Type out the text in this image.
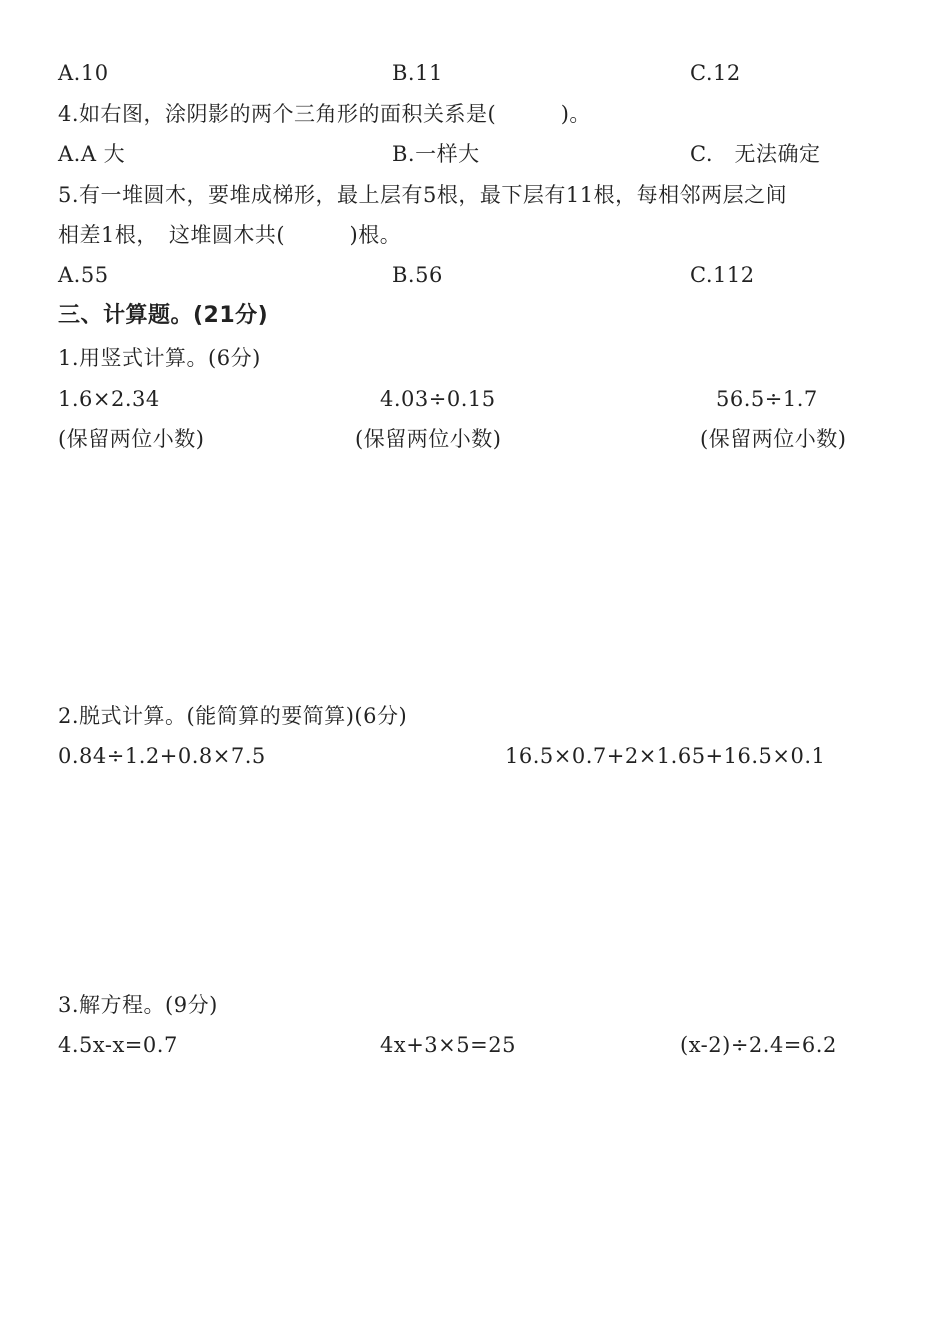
A.10	B.11	C.12
4.如右图，涂阴影的两个三角形的面积关系是(　　　)。
A.A 大	B.一样大	C.　无法确定
5.有一堆圆木，要堆成梯形，最上层有5根，最下层有11根，每相邻两层之间
相差1根，　这堆圆木共(　　　)根。
A.55	B.56	C.112
三、计算题。(21分)
1.用竖式计算。(6分)
1.6×2.34	4.03÷0.15	56.5÷1.7
(保留两位小数)	(保留两位小数)	(保留两位小数)
2.脱式计算。(能简算的要简算)(6分)
0.84÷1.2+0.8×7.5	16.5×0.7+2×1.65+16.5×0.1
3.解方程。(9分)
4.5x-x=0.7	4x+3×5=25	(x-2)÷2.4=6.2
